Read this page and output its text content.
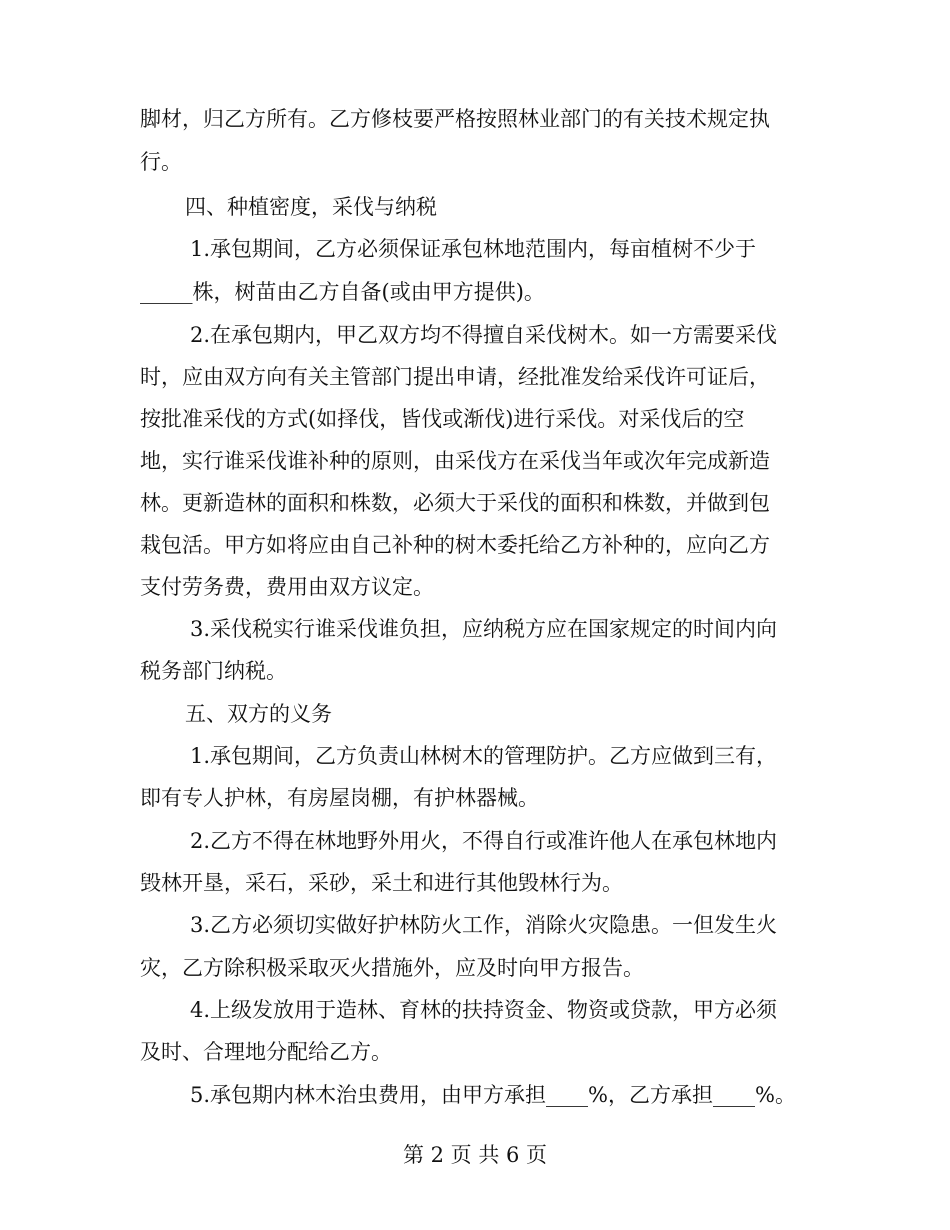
脚材，归乙方所有。乙方修枝要严格按照林业部门的有关技术规定执
行。
四、种植密度，采伐与纳税
1.承包期间，乙方必须保证承包林地范围内，每亩植树不少于
_____株，树苗由乙方自备(或由甲方提供)。
2.在承包期内，甲乙双方均不得擅自采伐树木。如一方需要采伐
时，应由双方向有关主管部门提出申请，经批准发给采伐许可证后，
按批准采伐的方式(如择伐，皆伐或渐伐)进行采伐。对采伐后的空
地，实行谁采伐谁补种的原则，由采伐方在采伐当年或次年完成新造
林。更新造林的面积和株数，必须大于采伐的面积和株数，并做到包
栽包活。甲方如将应由自己补种的树木委托给乙方补种的，应向乙方
支付劳务费，费用由双方议定。
3.采伐税实行谁采伐谁负担，应纳税方应在国家规定的时间内向
税务部门纳税。
五、双方的义务
1.承包期间，乙方负责山林树木的管理防护。乙方应做到三有，
即有专人护林，有房屋岗棚，有护林器械。
2.乙方不得在林地野外用火，不得自行或准许他人在承包林地内
毁林开垦，采石，采砂，采土和进行其他毁林行为。
3.乙方必须切实做好护林防火工作，消除火灾隐患。一但发生火
灾，乙方除积极采取灭火措施外，应及时向甲方报告。
4.上级发放用于造林、育林的扶持资金、物资或贷款，甲方必须
及时、合理地分配给乙方。
5.承包期内林木治虫费用，由甲方承担____%，乙方承担____%。
第 2 页 共 6 页
